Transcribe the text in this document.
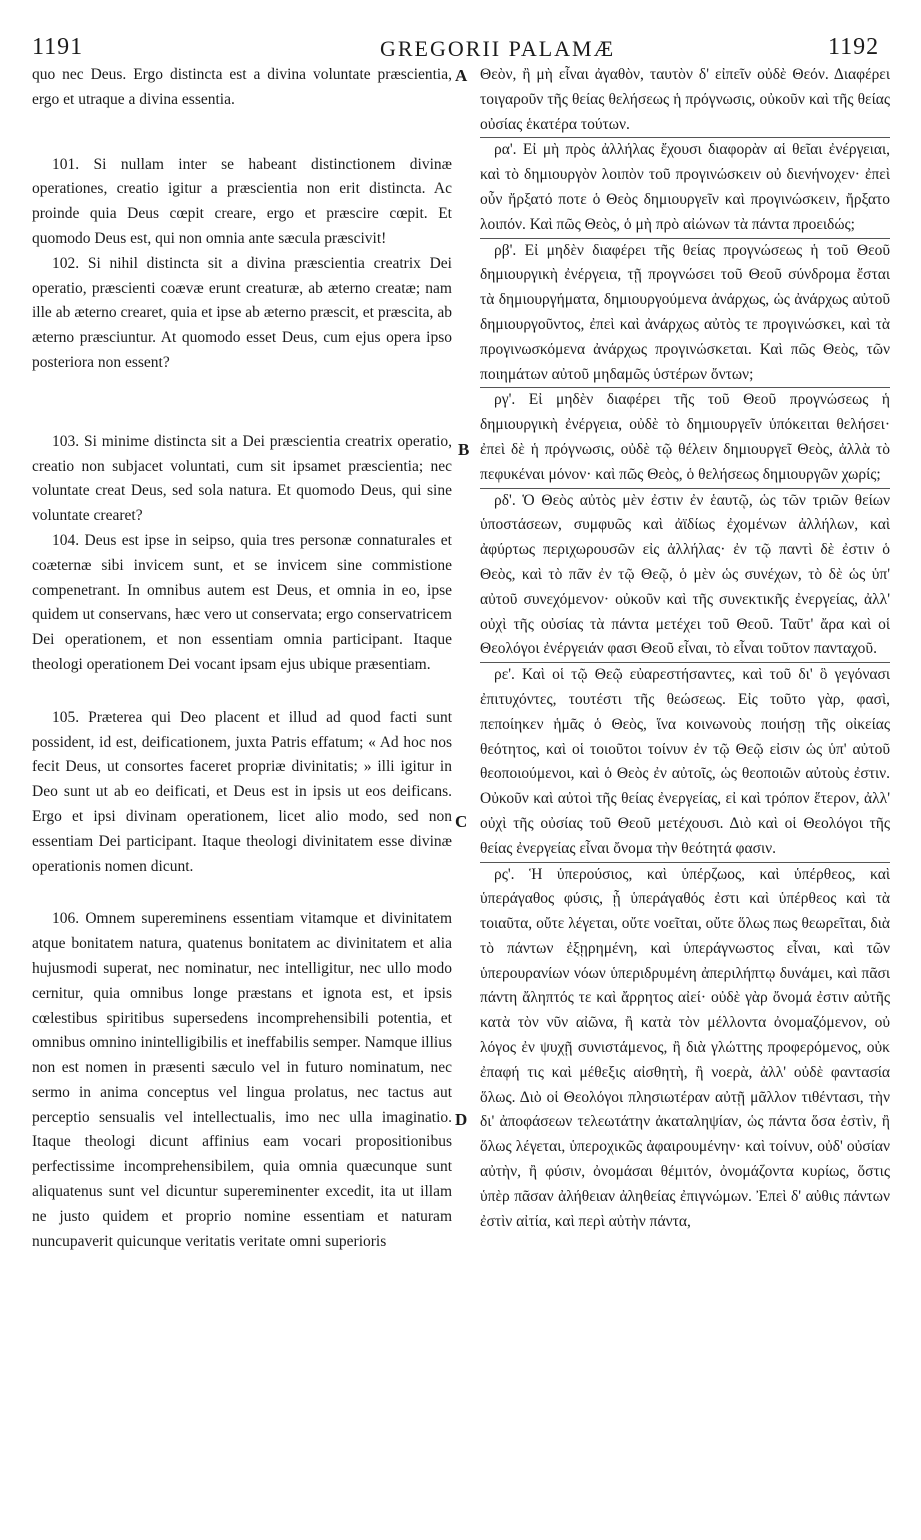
1191	GREGORII PALAMÆ	1192

quo nec Deus. Ergo distincta est a divina voluntate præscientia, ergo et utraque a divina essentia.

101. Si nullam inter se habeant distinctionem divinæ operationes, creatio igitur a præscientia non erit distincta. Ac proinde quia Deus cœpit creare, ergo et præscire cœpit. Et quomodo Deus est, qui non omnia ante sæcula præscivit!

102. Si nihil distincta sit a divina præscientia creatrix Dei operatio, præscienti coævæ erunt creaturæ, ab æterno creatæ; nam ille ab æterno crearet, quia et ipse ab æterno præscit, et præscita, ab æterno præsciuntur. At quomodo esset Deus, cum ejus opera ipso posteriora non essent?

103. Si minime distincta sit a Dei præscientia creatrix operatio, creatio non subjacet voluntati, cum sit ipsamet præscientia; nec voluntate creat Deus, sed sola natura. Et quomodo Deus, qui sine voluntate crearet?

104. Deus est ipse in seipso, quia tres personæ connaturales et coæternæ sibi invicem sunt, et se invicem sine commistione compenetrant. In omnibus autem est Deus, et omnia in eo, ipse quidem ut conservans, hæc vero ut conservata; ergo conservatricem Dei operationem, et non essentiam omnia participant. Itaque theologi operationem Dei vocant ipsam ejus ubique præsentiam.

105. Præterea qui Deo placent et illud ad quod facti sunt possident, id est, deificationem, juxta Patris effatum; « Ad hoc nos fecit Deus, ut consortes faceret propriæ divinitatis; » illi igitur in Deo sunt ut ab eo deificati, et Deus est in ipsis ut eos deificans. Ergo et ipsi divinam operationem, licet alio modo, sed non essentiam Dei participant. Itaque theologi divinitatem esse divinæ operationis nomen dicunt.

106. Omnem supereminens essentiam vitamque et divinitatem atque bonitatem natura, quatenus bonitatem ac divinitatem et alia hujusmodi superat, nec nominatur, nec intelligitur, nec ullo modo cernitur, quia omnibus longe præstans et ignota est, et ipsis cœlestibus spiritibus supersedens incomprehensibili potentia, et omnibus omnino inintelligibilis et ineffabilis semper. Namque illius non est nomen in præsenti sæculo vel in futuro nominatum, nec sermo in anima conceptus vel lingua prolatus, nec tactus aut perceptio sensualis vel intellectualis, imo nec ulla imaginatio. Itaque theologi dicunt affinius eam vocari propositionibus perfectissime incomprehensibilem, quia omnia quæcunque sunt aliquatenus sunt vel dicuntur supereminenter excedit, ita ut illam ne justo quidem et proprio nomine essentiam et naturam nuncupaverit quicunque veritatis veritate omni superioris

Θεὸν, ἢ μὴ εἶναι ἀγαθὸν, ταυτὸν δ' εἰπεῖν οὐδὲ Θεόν. Διαφέρει τοιγαροῦν τῆς θείας θελήσεως ἡ πρόγνωσις, οὐκοῦν καὶ τῆς θείας οὐσίας ἑκατέρα τούτων.

ρα'. Εἰ μὴ πρὸς ἀλλήλας ἔχουσι διαφορὰν αἱ θεῖαι ἐνέργειαι, καὶ τὸ δημιουργὸν λοιπὸν τοῦ προγινώσκειν οὐ διενήνοχεν· ἐπεὶ οὖν ἤρξατό ποτε ὁ Θεὸς δημιουργεῖν καὶ προγινώσκειν, ἤρξατο λοιπόν. Καὶ πῶς Θεὸς, ὁ μὴ πρὸ αἰώνων τὰ πάντα προειδώς;

ρβ'. Εἰ μηδὲν διαφέρει τῆς θείας προγνώσεως ἡ τοῦ Θεοῦ δημιουργικὴ ἐνέργεια, τῇ προγνώσει τοῦ Θεοῦ σύνδρομα ἔσται τὰ δημιουργήματα, δημιουργούμενα ἀνάρχως, ὡς ἀνάρχως αὐτοῦ δημιουργοῦντος, ἐπεὶ καὶ ἀνάρχως αὐτὸς τε προγινώσκει, καὶ τὰ προγινωσκόμενα ἀνάρχως προγινώσκεται. Καὶ πῶς Θεὸς, τῶν ποιημάτων αὐτοῦ μηδαμῶς ὑστέρων ὄντων;

ργ'. Εἰ μηδὲν διαφέρει τῆς τοῦ Θεοῦ προγνώσεως ἡ δημιουργικὴ ἐνέργεια, οὐδὲ τὸ δημιουργεῖν ὑπόκειται θελήσει· ἐπεὶ δὲ ἡ πρόγνωσις, οὐδὲ τῷ θέλειν δημιουργεῖ Θεὸς, ἀλλὰ τὸ πεφυκέναι μόνον· καὶ πῶς Θεὸς, ὁ θελήσεως δημιουργῶν χωρίς;

ρδ'. Ὁ Θεὸς αὐτὸς μὲν ἐστιν ἐν ἑαυτῷ, ὡς τῶν τριῶν θείων ὑποστάσεων, συμφυῶς καὶ ἀϊδίως ἐχομένων ἀλλήλων, καὶ ἀφύρτως περιχωρουσῶν εἰς ἀλλήλας· ἐν τῷ παντὶ δὲ ἐστιν ὁ Θεὸς, καὶ τὸ πᾶν ἐν τῷ Θεῷ, ὁ μὲν ὡς συνέχων, τὸ δὲ ὡς ὑπ' αὐτοῦ συνεχόμενον· οὐκοῦν καὶ τῆς συνεκτικῆς ἐνεργείας, ἀλλ' οὐχὶ τῆς οὐσίας τὰ πάντα μετέχει τοῦ Θεοῦ. Ταῦτ' ἄρα καὶ οἱ Θεολόγοι ἐνέργειάν φασι Θεοῦ εἶναι, τὸ εἶναι τοῦτον πανταχοῦ.

ρε'. Καὶ οἱ τῷ Θεῷ εὐαρεστήσαντες, καὶ τοῦ δι' ὃ γεγόνασι ἐπιτυχόντες, τουτέστι τῆς θεώσεως. Εἰς τοῦτο γὰρ, φασὶ, πεποίηκεν ἡμᾶς ὁ Θεὸς, ἵνα κοινωνοὺς ποιήσῃ τῆς οἰκείας θεότητος, καὶ οἱ τοιοῦτοι τοίνυν ἐν τῷ Θεῷ εἰσιν ὡς ὑπ' αὐτοῦ θεοποιούμενοι, καὶ ὁ Θεὸς ἐν αὐτοῖς, ὡς θεοποιῶν αὐτοὺς ἐστιν. Οὐκοῦν καὶ αὐτοὶ τῆς θείας ἐνεργείας, εἰ καὶ τρόπον ἕτερον, ἀλλ' οὐχὶ τῆς οὐσίας τοῦ Θεοῦ μετέχουσι. Διὸ καὶ οἱ Θεολόγοι τῆς θείας ἐνεργείας εἶναι ὄνομα τὴν θεότητά φασιν.

ρς'. Ἡ ὑπερούσιος, καὶ ὑπέρζωος, καὶ ὑπέρθεος, καὶ ὑπεράγαθος φύσις, ᾗ ὑπεράγαθός ἐστι καὶ ὑπέρθεος καὶ τὰ τοιαῦτα, οὔτε λέγεται, οὔτε νοεῖται, οὔτε ὅλως πως θεωρεῖται, διὰ τὸ πάντων ἐξῃρημένη, καὶ ὑπεράγνωστος εἶναι, καὶ τῶν ὑπερουρανίων νόων ὑπεριδρυμένη ἀπεριλήπτῳ δυνάμει, καὶ πᾶσι πάντη ἄληπτός τε καὶ ἄρρητος αἰεί· οὐδὲ γὰρ ὄνομά ἐστιν αὐτῆς κατὰ τὸν νῦν αἰῶνα, ἢ κατὰ τὸν μέλλοντα ὀνομαζόμενον, οὐ λόγος ἐν ψυχῇ συνιστάμενος, ἢ διὰ γλώττης προφερόμενος, οὐκ ἐπαφή τις καὶ μέθεξις αἰσθητὴ, ἢ νοερὰ, ἀλλ' οὐδὲ φαντασία ὅλως. Διὸ οἱ Θεολόγοι πλησιωτέραν αὐτῇ μᾶλλον τιθέντασι, τὴν δι' ἀποφάσεων τελεωτάτην ἀκαταληψίαν, ὡς πάντα ὅσα ἐστὶν, ἢ ὅλως λέγεται, ὑπεροχικῶς ἀφαιρουμένην· καὶ τοίνυν, οὐδ' οὐσίαν αὐτὴν, ἢ φύσιν, ὀνομάσαι θέμιτόν, ὀνομάζοντα κυρίως, ὅστις ὑπὲρ πᾶσαν ἀλήθειαν ἀληθείας ἐπιγνώμων. Ἐπεὶ δ' αὐθις πάντων ἐστὶν αἰτία, καὶ περὶ αὐτὴν πάντα,

A
B
C
D
